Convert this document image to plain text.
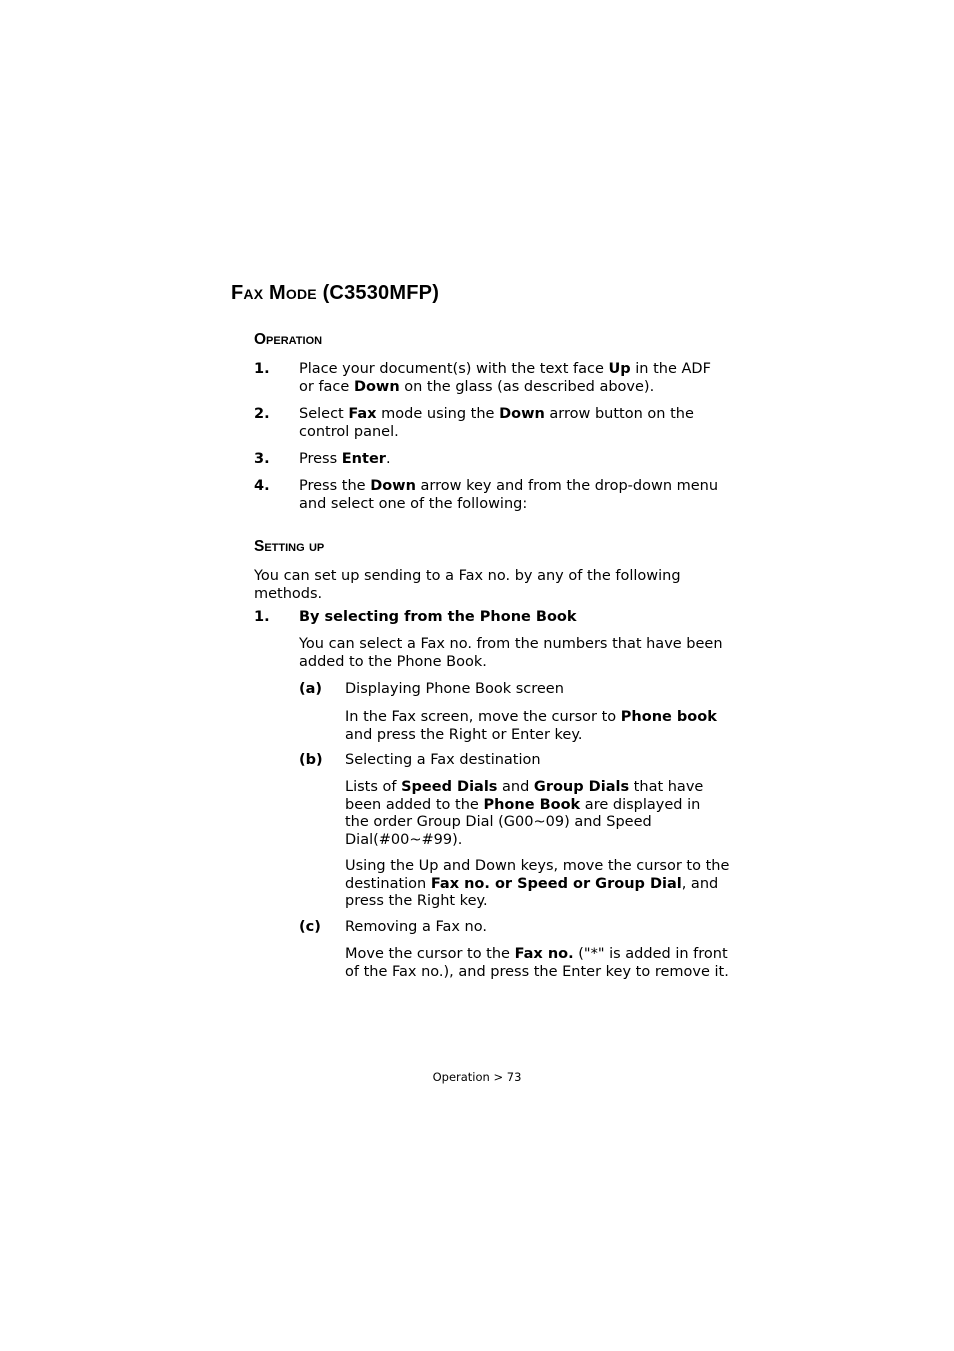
Fax Mode (C3530MFP)
Operation
1. Place your document(s) with the text face Up in the ADF or face Down on the glass (as described above).
2. Select Fax mode using the Down arrow button on the control panel.
3. Press Enter.
4. Press the Down arrow key and from the drop-down menu and select one of the following:
Setting up
You can set up sending to a Fax no. by any of the following methods.
1. By selecting from the Phone Book
You can select a Fax no. from the numbers that have been added to the Phone Book.
(a) Displaying Phone Book screen
In the Fax screen, move the cursor to Phone book and press the Right or Enter key.
(b) Selecting a Fax destination
Lists of Speed Dials and Group Dials that have been added to the Phone Book are displayed in the order Group Dial (G00~09) and Speed Dial(#00~#99).
Using the Up and Down keys, move the cursor to the destination Fax no. or Speed or Group Dial, and press the Right key.
(c) Removing a Fax no.
Move the cursor to the Fax no. ("*" is added in front of the Fax no.), and press the Enter key to remove it.
Operation > 73
